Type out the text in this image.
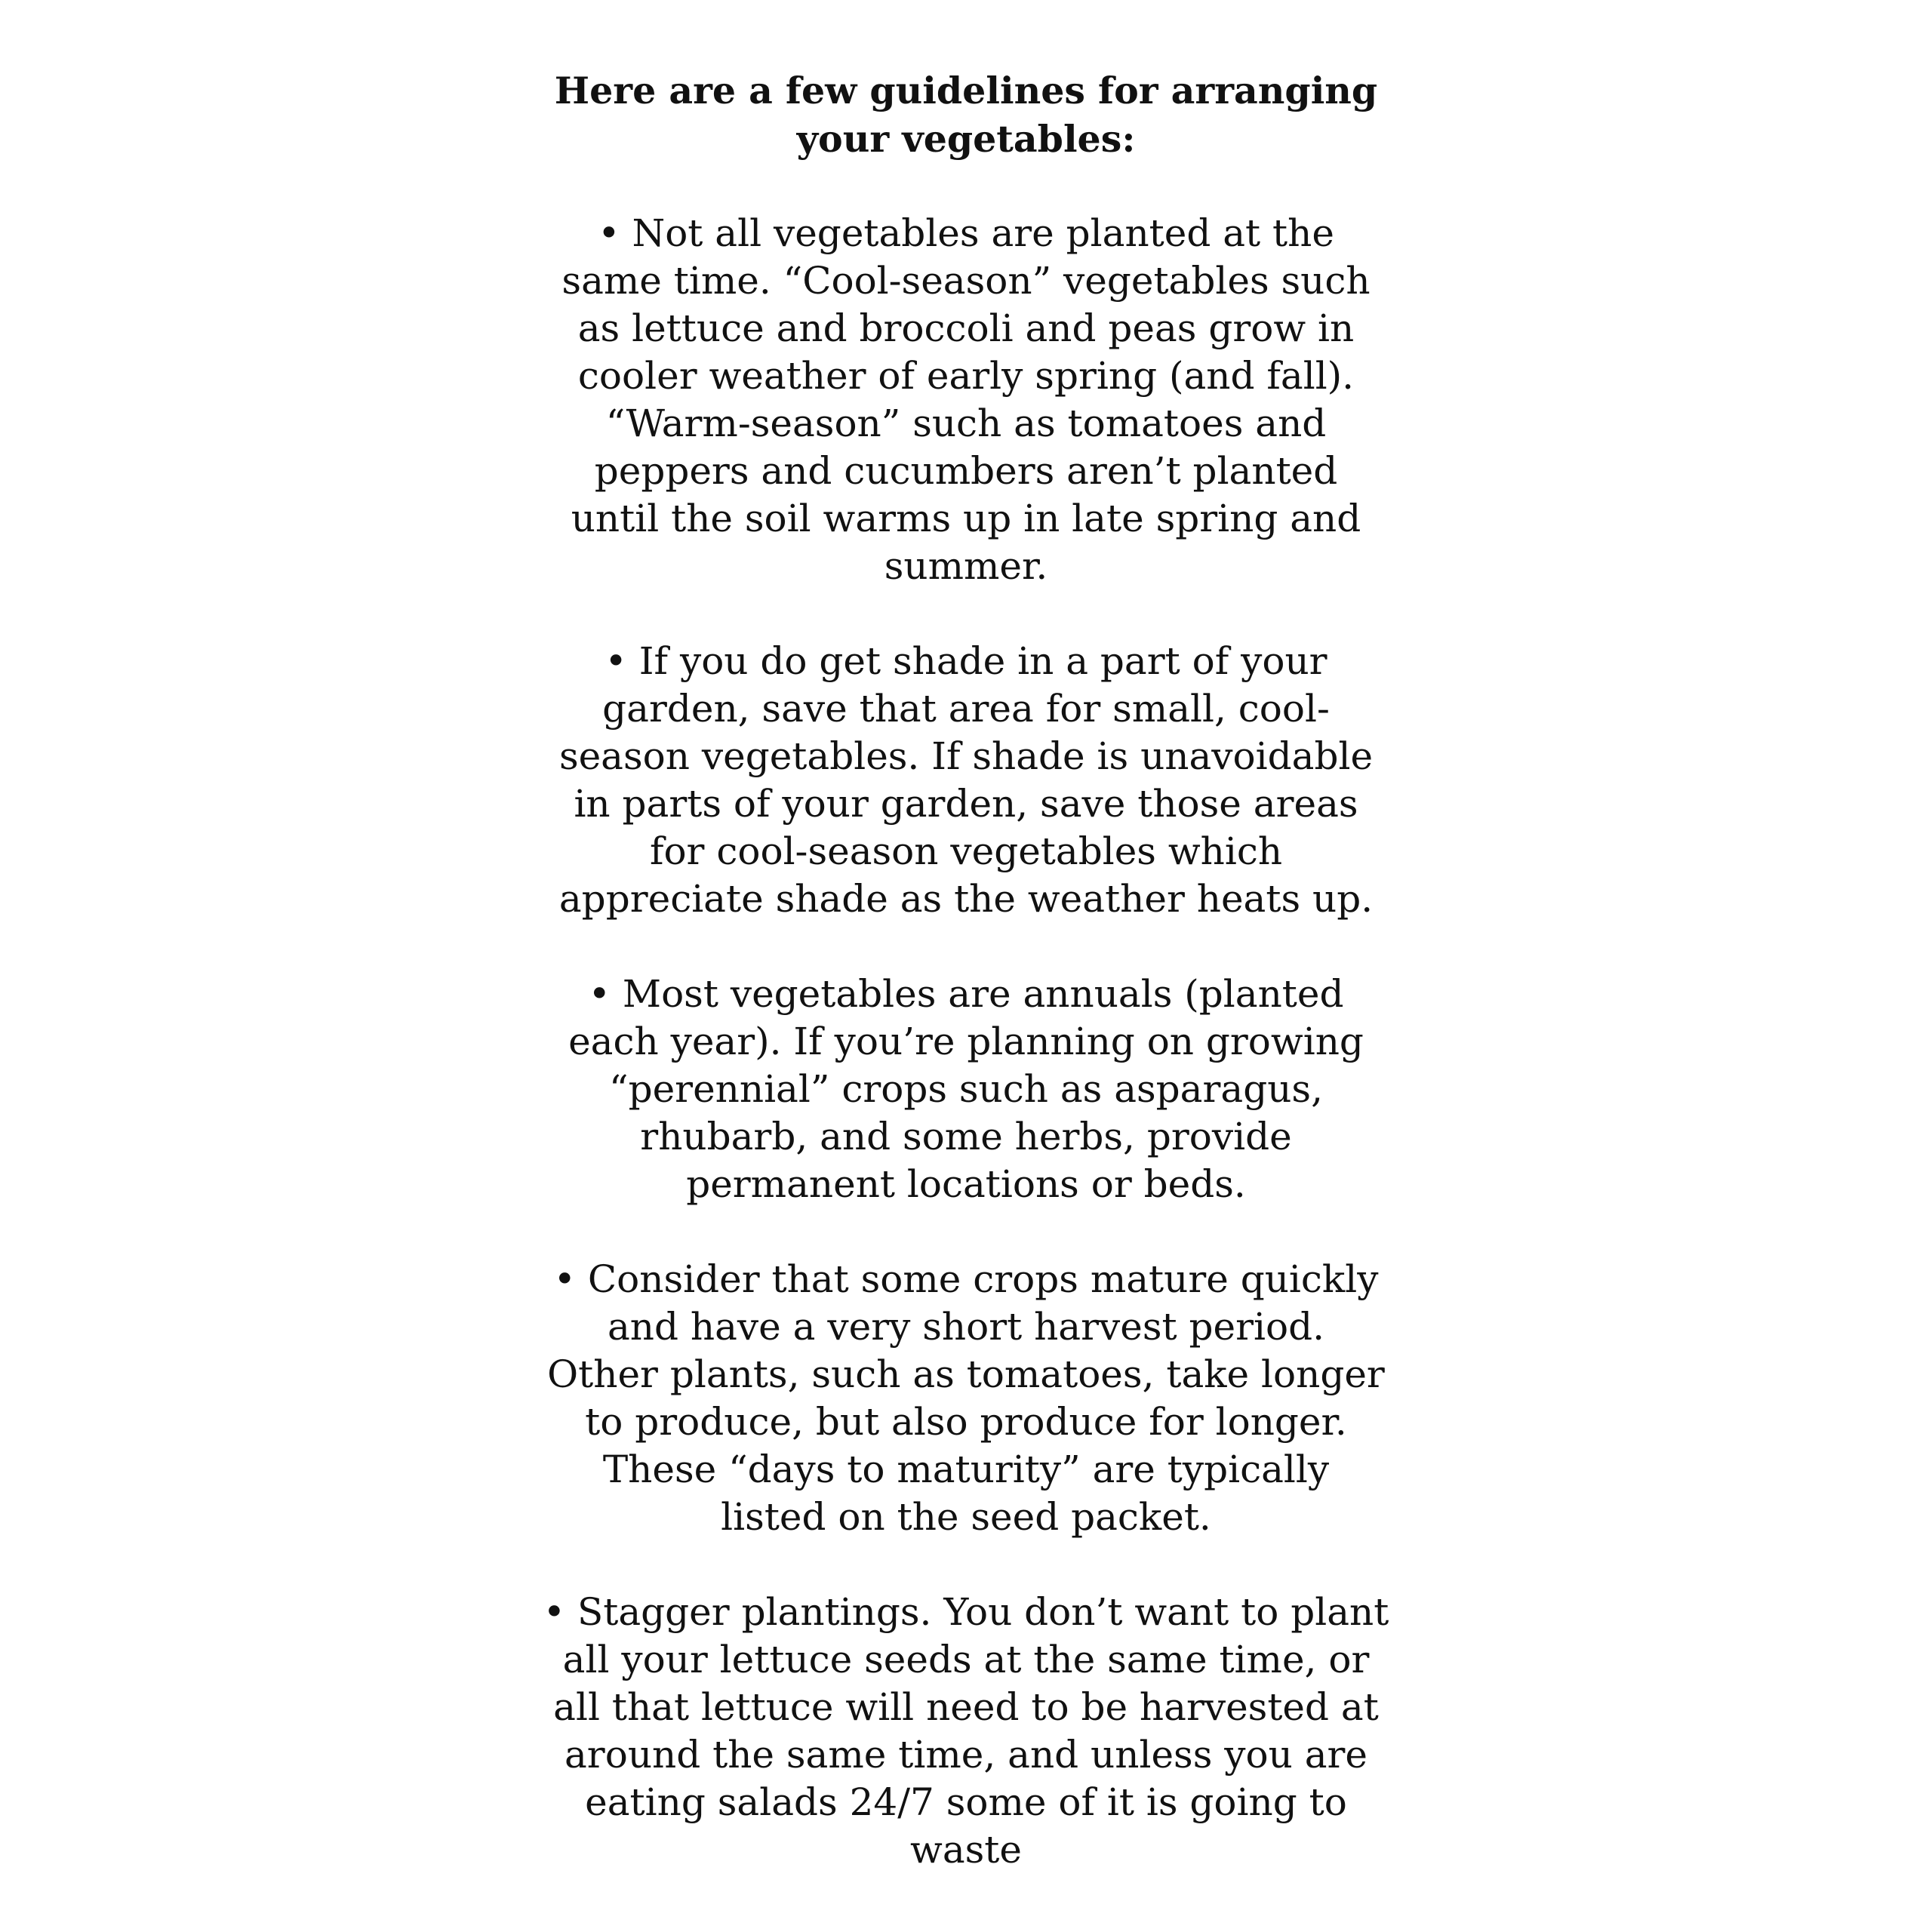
Here are a few guidelines for arranging
your vegetables:

• Not all vegetables are planted at the
same time. “Cool-season” vegetables such
as lettuce and broccoli and peas grow in
cooler weather of early spring (and fall).
“Warm-season” such as tomatoes and
peppers and cucumbers aren’t planted
until the soil warms up in late spring and
summer.

• If you do get shade in a part of your
garden, save that area for small, cool-
season vegetables. If shade is unavoidable
in parts of your garden, save those areas
for cool-season vegetables which
appreciate shade as the weather heats up.

• Most vegetables are annuals (planted
each year). If you’re planning on growing
“perennial” crops such as asparagus,
rhubarb, and some herbs, provide
permanent locations or beds.

• Consider that some crops mature quickly
and have a very short harvest period.
Other plants, such as tomatoes, take longer
to produce, but also produce for longer.
These “days to maturity” are typically
listed on the seed packet.

• Stagger plantings. You don’t want to plant
all your lettuce seeds at the same time, or
all that lettuce will need to be harvested at
around the same time, and unless you are
eating salads 24/7 some of it is going to
waste
